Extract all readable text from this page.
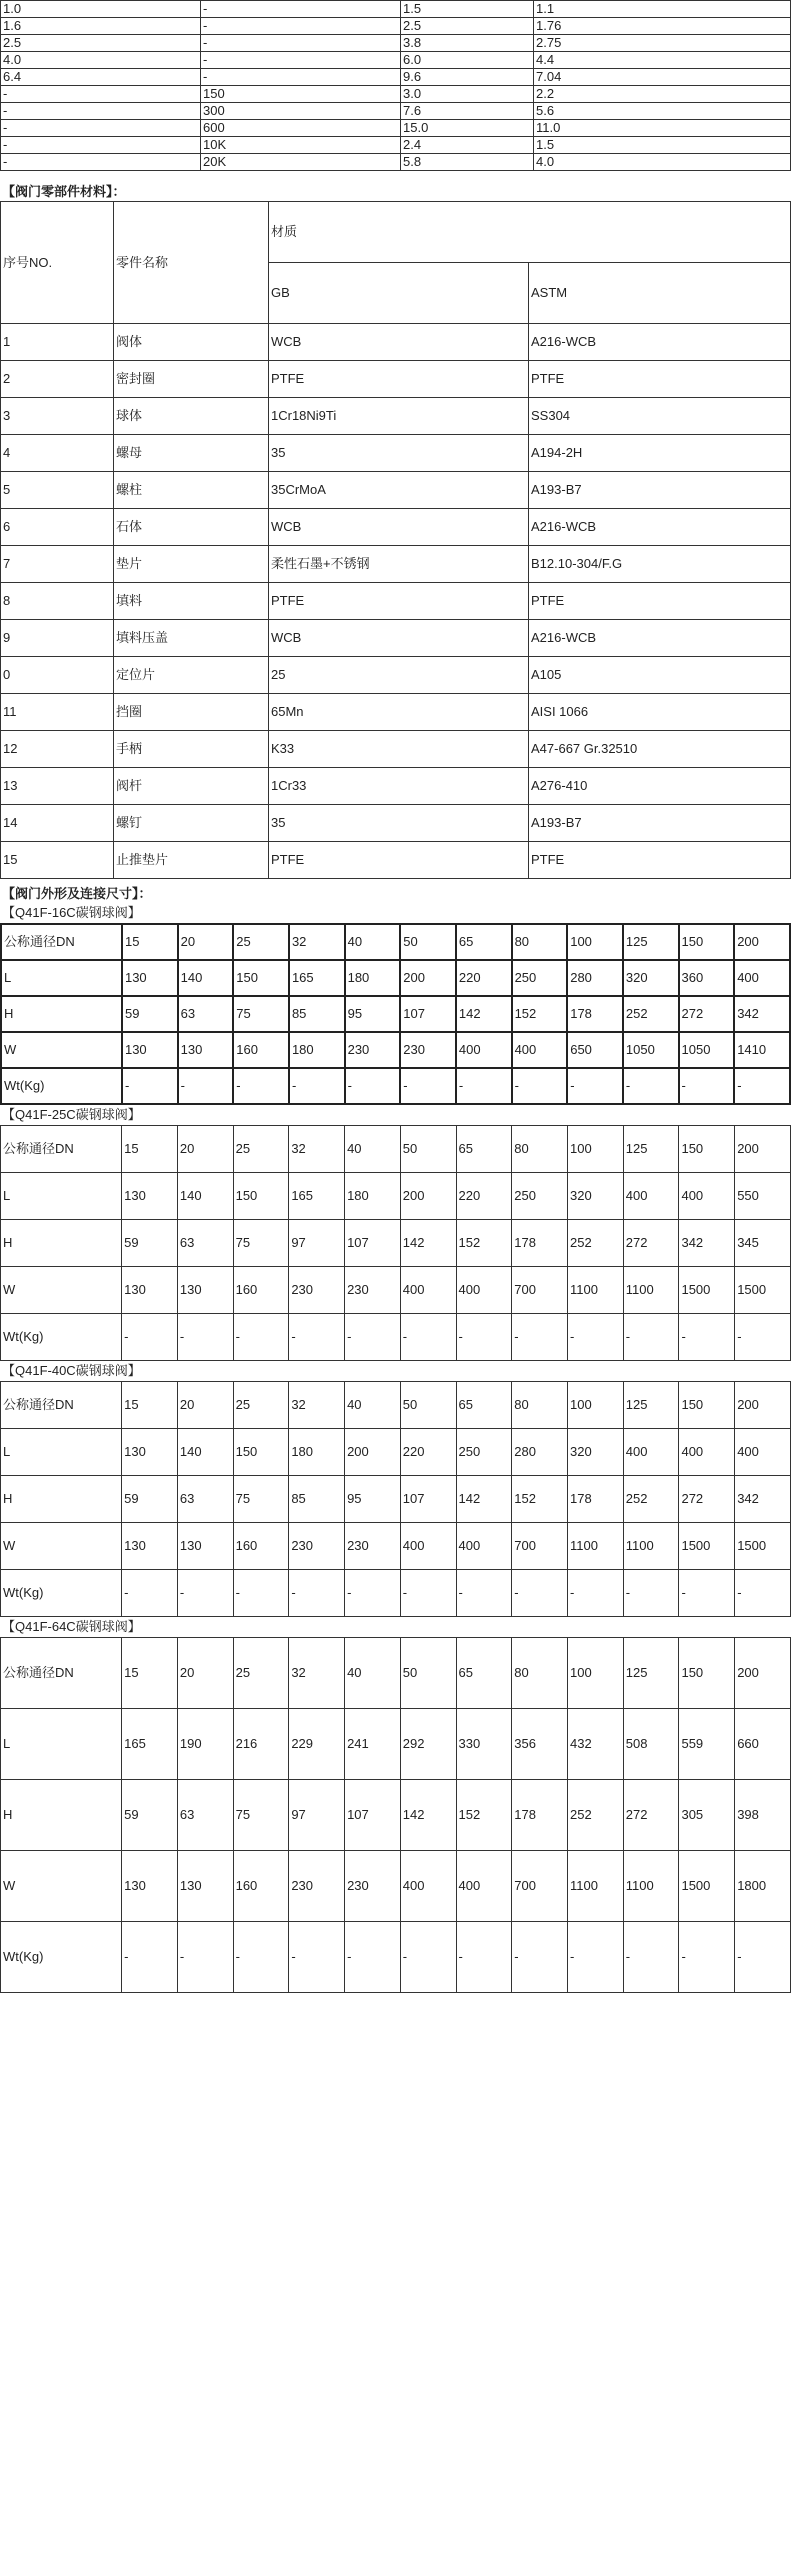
1.0	-	1.5	1.1
1.6	-	2.5	1.76
2.5	-	3.8	2.75
4.0	-	6.0	4.4
6.4	-	9.6	7.04
-	150	3.0	2.2
-	300	7.6	5.6
-	600	15.0	11.0
-	10K	2.4	1.5
-	20K	5.8	4.0
【阀门零部件材料】：
序号NO.	零件名称	材质	
		GB	ASTM
1	阀体	WCB	A216-WCB
2	密封圈	PTFE	PTFE
3	球体	1Cr18Ni9Ti	SS304
4	螺母	35	A194-2H
5	螺柱	35CrMoA	A193-B7
6	石体	WCB	A216-WCB
7	垫片	柔性石墨+不锈钢	B12.10-304/F.G
8	填料	PTFE	PTFE
9	填料压盖	WCB	A216-WCB
0	定位片	25	A105
11	挡圈	65Mn	AISI 1066
12	手柄	K33	A47-667 Gr.32510
13	阀杆	1Cr33	A276-410
14	螺钉	35	A193-B7
15	止推垫片	PTFE	PTFE
【阀门外形及连接尺寸】：
【Q41F-16C碳钢球阀】
公称通径DN	15	20	25	32	40	50	65	80	100	125	150	200
L	130	140	150	165	180	200	220	250	280	320	360	400
H	59	63	75	85	95	107	142	152	178	252	272	342
W	130	130	160	180	230	230	400	400	650	1050	1050	1410
Wt(Kg)	-	-	-	-	-	-	-	-	-	-	-	-
【Q41F-25C碳钢球阀】
公称通径DN	15	20	25	32	40	50	65	80	100	125	150	200
L	130	140	150	165	180	200	220	250	320	400	400	550
H	59	63	75	97	107	142	152	178	252	272	342	345
W	130	130	160	230	230	400	400	700	1100	1100	1500	1500
Wt(Kg)	-	-	-	-	-	-	-	-	-	-	-	-
【Q41F-40C碳钢球阀】
公称通径DN	15	20	25	32	40	50	65	80	100	125	150	200
L	130	140	150	180	200	220	250	280	320	400	400	400
H	59	63	75	85	95	107	142	152	178	252	272	342
W	130	130	160	230	230	400	400	700	1100	1100	1500	1500
Wt(Kg)	-	-	-	-	-	-	-	-	-	-	-	-
【Q41F-64C碳钢球阀】
公称通径DN	15	20	25	32	40	50	65	80	100	125	150	200
L	165	190	216	229	241	292	330	356	432	508	559	660
H	59	63	75	97	107	142	152	178	252	272	305	398
W	130	130	160	230	230	400	400	700	1100	1100	1500	1800
Wt(Kg)	-	-	-	-	-	-	-	-	-	-	-	-
